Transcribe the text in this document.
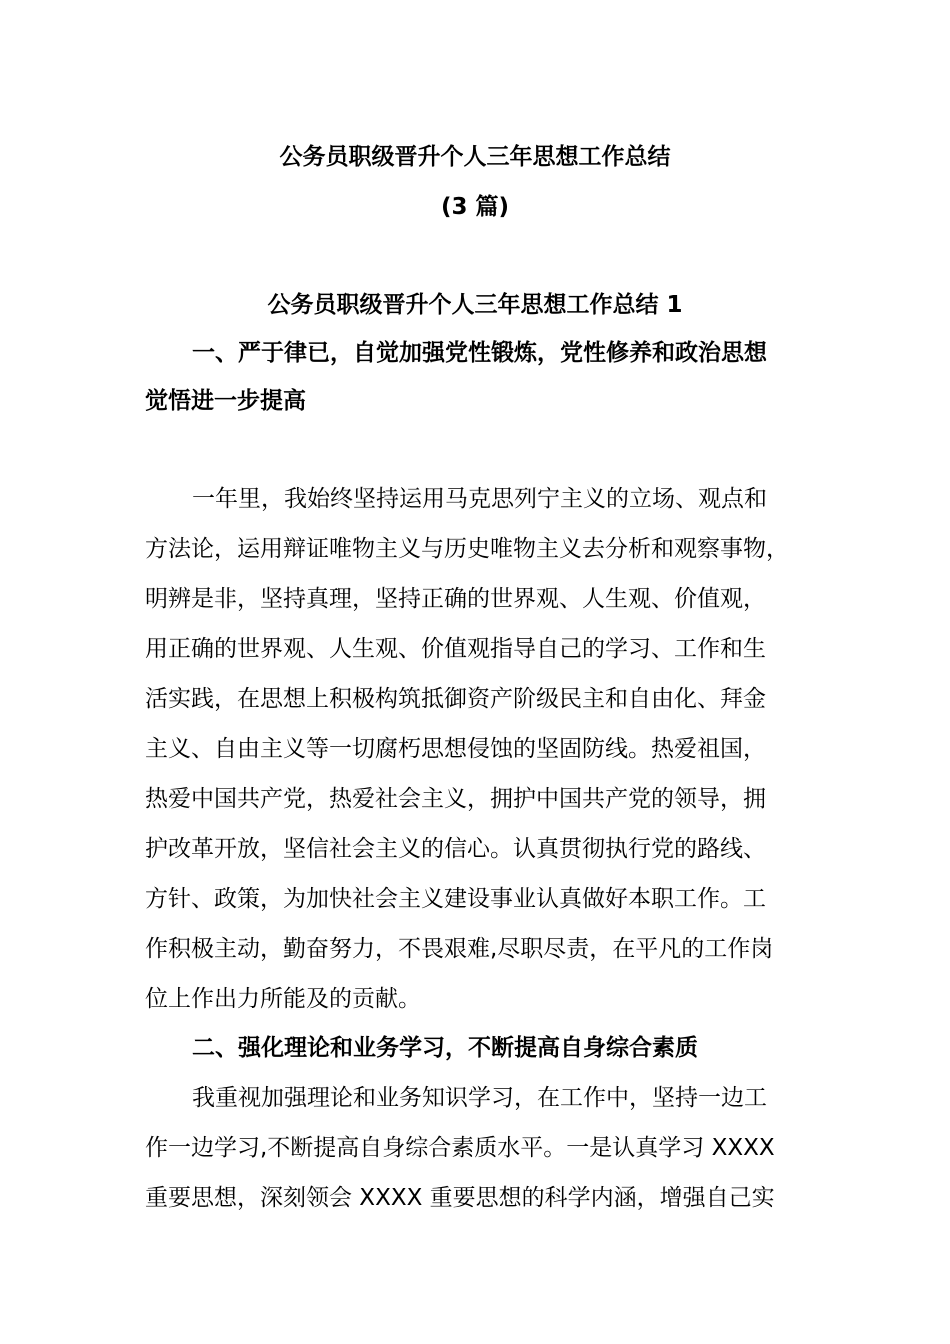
公务员职级晋升个人三年思想工作总结
(3 篇)
公务员职级晋升个人三年思想工作总结 1
一、严于律已，自觉加强党性锻炼，党性修养和政治思想
觉悟进一步提高
一年里，我始终坚持运用马克思列宁主义的立场、观点和
方法论，运用辩证唯物主义与历史唯物主义去分析和观察事物，
明辨是非，坚持真理，坚持正确的世界观、人生观、价值观，
用正确的世界观、人生观、价值观指导自己的学习、工作和生
活实践，在思想上积极构筑抵御资产阶级民主和自由化、拜金
主义、自由主义等一切腐朽思想侵蚀的坚固防线。热爱祖国，
热爱中国共产党，热爱社会主义，拥护中国共产党的领导，拥
护改革开放，坚信社会主义的信心。认真贯彻执行党的路线、
方针、政策，为加快社会主义建设事业认真做好本职工作。工
作积极主动，勤奋努力，不畏艰难,尽职尽责，在平凡的工作岗
位上作出力所能及的贡献。
二、强化理论和业务学习，不断提高自身综合素质
我重视加强理论和业务知识学习，在工作中，坚持一边工
作一边学习,不断提高自身综合素质水平。一是认真学习 XXXX
重要思想，深刻领会 XXXX 重要思想的科学内涵，增强自己实
